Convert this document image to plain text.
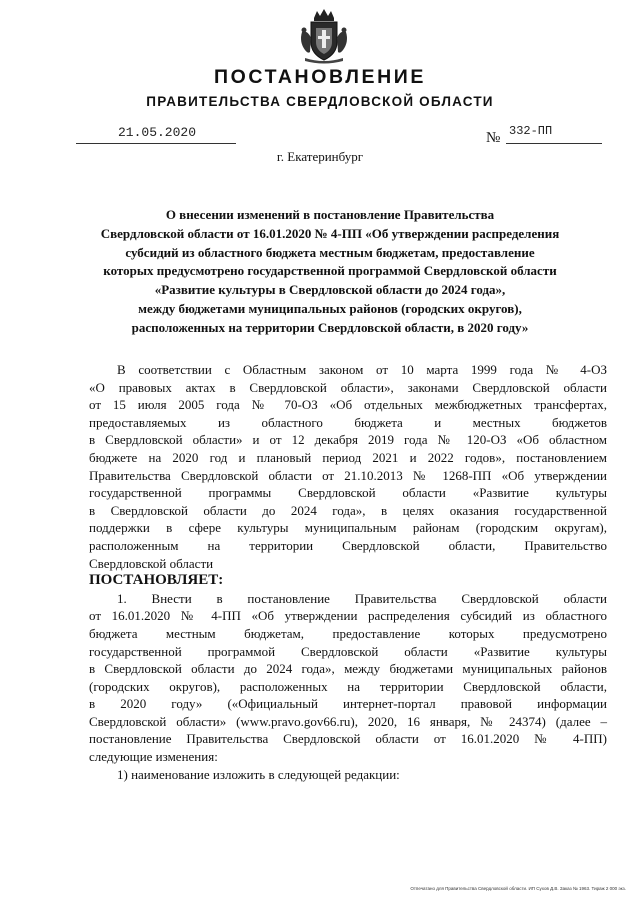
ПОСТАНОВЛЕНИЕ
ПРАВИТЕЛЬСТВА СВЕРДЛОВСКОЙ ОБЛАСТИ
21.05.2020	№ 332-ПП
г. Екатеринбург
О внесении изменений в постановление Правительства
Свердловской области от 16.01.2020 № 4-ПП «Об утверждении распределения
субсидий из областного бюджета местным бюджетам, предоставление
которых предусмотрено государственной программой Свердловской области
«Развитие культуры в Свердловской области до 2024 года»,
между бюджетами муниципальных районов (городских округов),
расположенных на территории Свердловской области, в 2020 году»
В соответствии с Областным законом от 10 марта 1999 года № 4-ОЗ
«О правовых актах в Свердловской области», законами Свердловской области
от 15 июля 2005 года № 70-ОЗ «Об отдельных межбюджетных трансфертах,
предоставляемых из областного бюджета и местных бюджетов
в Свердловской области» и от 12 декабря 2019 года № 120-ОЗ «Об областном
бюджете на 2020 год и плановый период 2021 и 2022 годов», постановлением
Правительства Свердловской области от 21.10.2013 № 1268-ПП «Об утверждении
государственной программы Свердловской области «Развитие культуры
в Свердловской области до 2024 года», в целях оказания государственной
поддержки в сфере культуры муниципальным районам (городским округам),
расположенным на территории Свердловской области, Правительство
Свердловской области
ПОСТАНОВЛЯЕТ:
1. Внести в постановление Правительства Свердловской области
от 16.01.2020 № 4-ПП «Об утверждении распределения субсидий из областного
бюджета местным бюджетам, предоставление которых предусмотрено
государственной программой Свердловской области «Развитие культуры
в Свердловской области до 2024 года», между бюджетами муниципальных районов
(городских округов), расположенных на территории Свердловской области,
в 2020 году» («Официальный интернет-портал правовой информации
Свердловской области» (www.pravo.gov66.ru), 2020, 16 января, № 24374) (далее –
постановление Правительства Свердловской области от 16.01.2020 № 4-ПП)
следующие изменения:
1) наименование изложить в следующей редакции:
Отпечатано для Правительства Свердловской области. ИП Сухов Д.В. Заказ № 1963. Тираж 2 000 экз.
